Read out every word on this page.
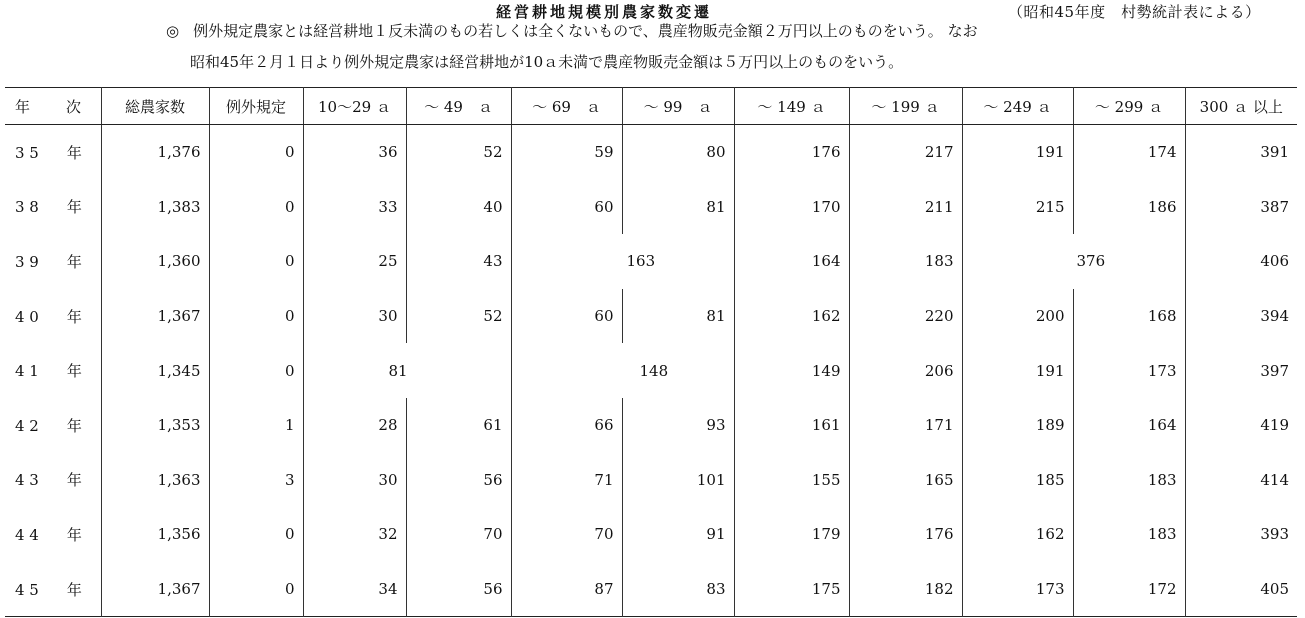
経営耕地規模別農家数変遷	（昭和45年度　村勢統計表による）
◎ 例外規定農家とは経営耕地１反未満のもの若しくは全くないもので、農産物販売金額２万円以上のものをいう。 なお
昭和45年２月１日より例外規定農家は経営耕地が10ａ未満で農産物販売金額は５万円以上のものをいう。
年 次	総農家数	例外規定	10～29 ａ	～ 49　ａ	～ 69　ａ	～ 99　ａ	～ 149 ａ	～ 199 ａ	～ 249 ａ	～ 299 ａ	300 ａ 以上
3 5 年	1,376	0	36	52	59	80	176	217	191	174	391
3 8 年	1,383	0	33	40	60	81	170	211	215	186	387
3 9 年	1,360	0	25	43	163		164	183	376		406
4 0 年	1,367	0	30	52	60	81	162	220	200	168	394
4 1 年	1,345	0	81		148		149	206	191	173	397
4 2 年	1,353	1	28	61	66	93	161	171	189	164	419
4 3 年	1,363	3	30	56	71	101	155	165	185	183	414
4 4 年	1,356	0	32	70	70	91	179	176	162	183	393
4 5 年	1,367	0	34	56	87	83	175	182	173	172	405
